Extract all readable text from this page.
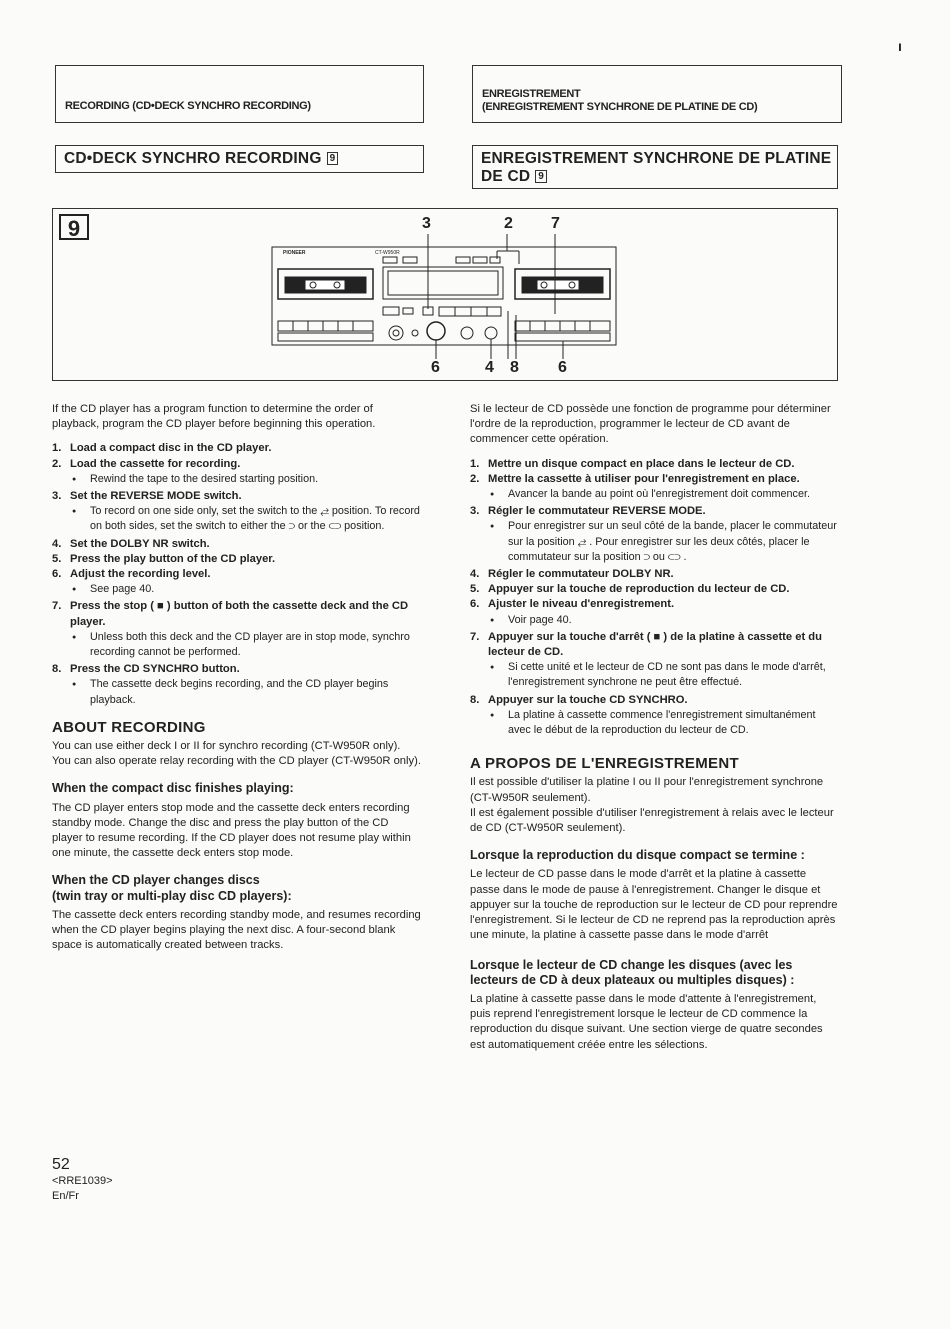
ı
RECORDING (CD•DECK SYNCHRO RECORDING)
ENREGISTREMENT
(ENREGISTREMENT SYNCHRONE DE PLATINE DE CD)
CD•DECK SYNCHRO RECORDING 9	ENREGISTREMENT SYNCHRONE DE PLATINE
DE CD 9
9
PIONEER	CT-W950R
3	2 7
6	4 8 6

If the CD player has a program function to determine the order of playback, program the CD player before beginning this operation.

1. Load a compact disc in the CD player.
2. Load the cassette for recording.
● Rewind the tape to the desired starting position.
3. Set the REVERSE MODE switch.
● To record on one side only, set the switch to the ⥄ position. To record on both sides, set the switch to either the ⊃ or the ⊂⊃ position.
4. Set the DOLBY NR switch.
5. Press the play button of the CD player.
6. Adjust the recording level.
● See page 40.
7. Press the stop ( ■ ) button of both the cassette deck and the CD player.
● Unless both this deck and the CD player are in stop mode, synchro recording cannot be performed.
8. Press the CD SYNCHRO button.
● The cassette deck begins recording, and the CD player begins playback.
ABOUT RECORDING
You can use either deck I or II for synchro recording (CT-W950R only).
You can also operate relay recording with the CD player (CT-W950R only).
When the compact disc finishes playing:
The CD player enters stop mode and the cassette deck enters recording standby mode. Change the disc and press the play button of the CD player to resume recording. If the CD player does not resume play within one minute, the cassette deck enters stop mode.
When the CD player changes discs
(twin tray or multi-play disc CD players):
The cassette deck enters recording standby mode, and resumes recording when the CD player begins playing the next disc. A four-second blank space is automatically created between tracks.

Si le lecteur de CD possède une fonction de programme pour déterminer l'ordre de la reproduction, programmer le lecteur de CD avant de commencer cette opération.

1. Mettre un disque compact en place dans le lecteur de CD.
2. Mettre la cassette à utiliser pour l'enregistrement en place.
● Avancer la bande au point où l'enregistrement doit commencer.
3. Régler le commutateur REVERSE MODE.
● Pour enregistrer sur un seul côté de la bande, placer le commutateur sur la position ⥄ . Pour enregistrer sur les deux côtés, placer le commutateur sur la position ⊃ ou ⊂⊃ .
4. Régler le commutateur DOLBY NR.
5. Appuyer sur la touche de reproduction du lecteur de CD.
6. Ajuster le niveau d'enregistrement.
● Voir page 40.
7. Appuyer sur la touche d'arrêt ( ■ ) de la platine à cassette et du lecteur de CD.
● Si cette unité et le lecteur de CD ne sont pas dans le mode d'arrêt, l'enregistrement synchrone ne peut être effectué.
8. Appuyer sur la touche CD SYNCHRO.
● La platine à cassette commence l'enregistrement simultanément avec le début de la reproduction du lecteur de CD.
A PROPOS DE L'ENREGISTREMENT
Il est possible d'utiliser la platine I ou II pour l'enregistrement synchrone (CT-W950R seulement).
Il est également possible d'utiliser l'enregistrement à relais avec le lecteur de CD (CT-W950R seulement).
Lorsque la reproduction du disque compact se termine :
Le lecteur de CD passe dans le mode d'arrêt et la platine à cassette passe dans le mode de pause à l'enregistrement. Changer le disque et appuyer sur la touche de reproduction sur le lecteur de CD pour reprendre l'enregistrement. Si le lecteur de CD ne reprend pas la reproduction après une minute, la platine à cassette passe dans le mode d'arrêt
Lorsque le lecteur de CD change les disques (avec les lecteurs de CD à deux plateaux ou multiples disques) :
La platine à cassette passe dans le mode d'attente à l'enregistrement, puis reprend l'enregistrement lorsque le lecteur de CD commence la reproduction du disque suivant. Une section vierge de quatre secondes est automatiquement créée entre les sélections.
52
<RRE1039>
En/Fr
